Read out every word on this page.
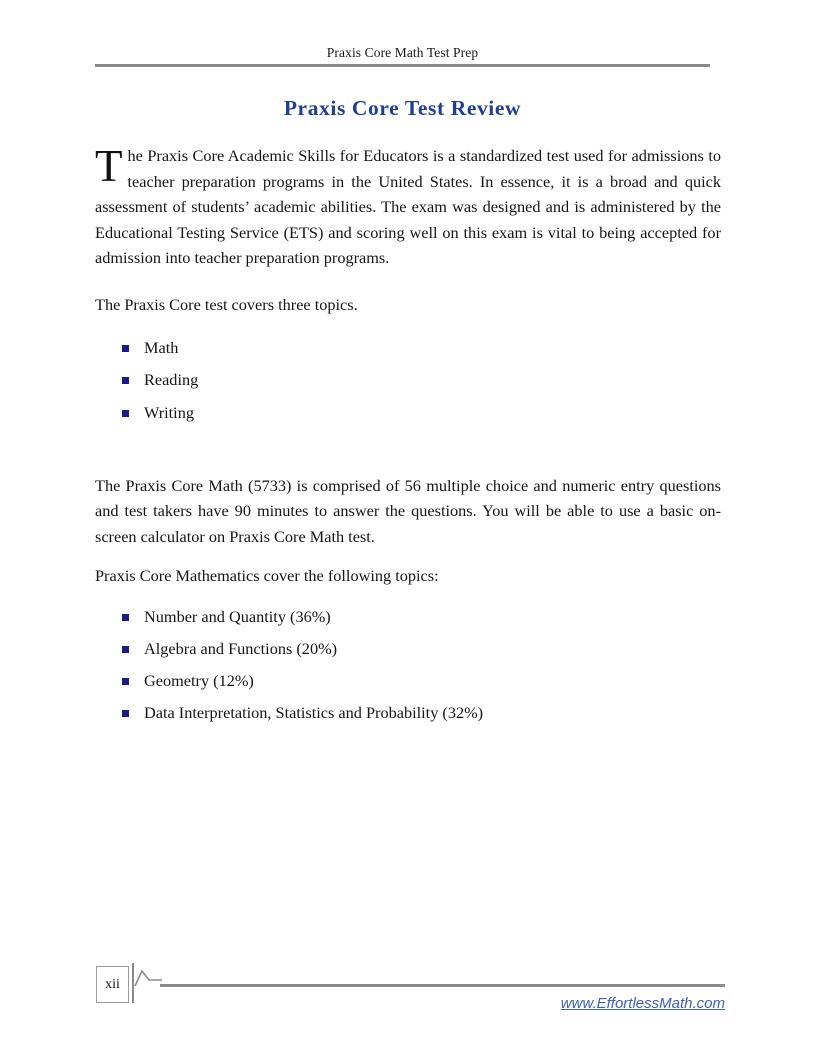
Praxis Core Math Test Prep
Praxis Core Test Review

The Praxis Core Academic Skills for Educators is a standardized test used for admissions to teacher preparation programs in the United States. In essence, it is a broad and quick assessment of students’ academic abilities. The exam was designed and is administered by the Educational Testing Service (ETS) and scoring well on this exam is vital to being accepted for admission into teacher preparation programs.

The Praxis Core test covers three topics.

Math
Reading
Writing

The Praxis Core Math (5733) is comprised of 56 multiple choice and numeric entry questions and test takers have 90 minutes to answer the questions. You will be able to use a basic on-screen calculator on Praxis Core Math test.

Praxis Core Mathematics cover the following topics:

Number and Quantity (36%)
Algebra and Functions (20%)
Geometry (12%)
Data Interpretation, Statistics and Probability (32%)
xii
www.EffortlessMath.com
